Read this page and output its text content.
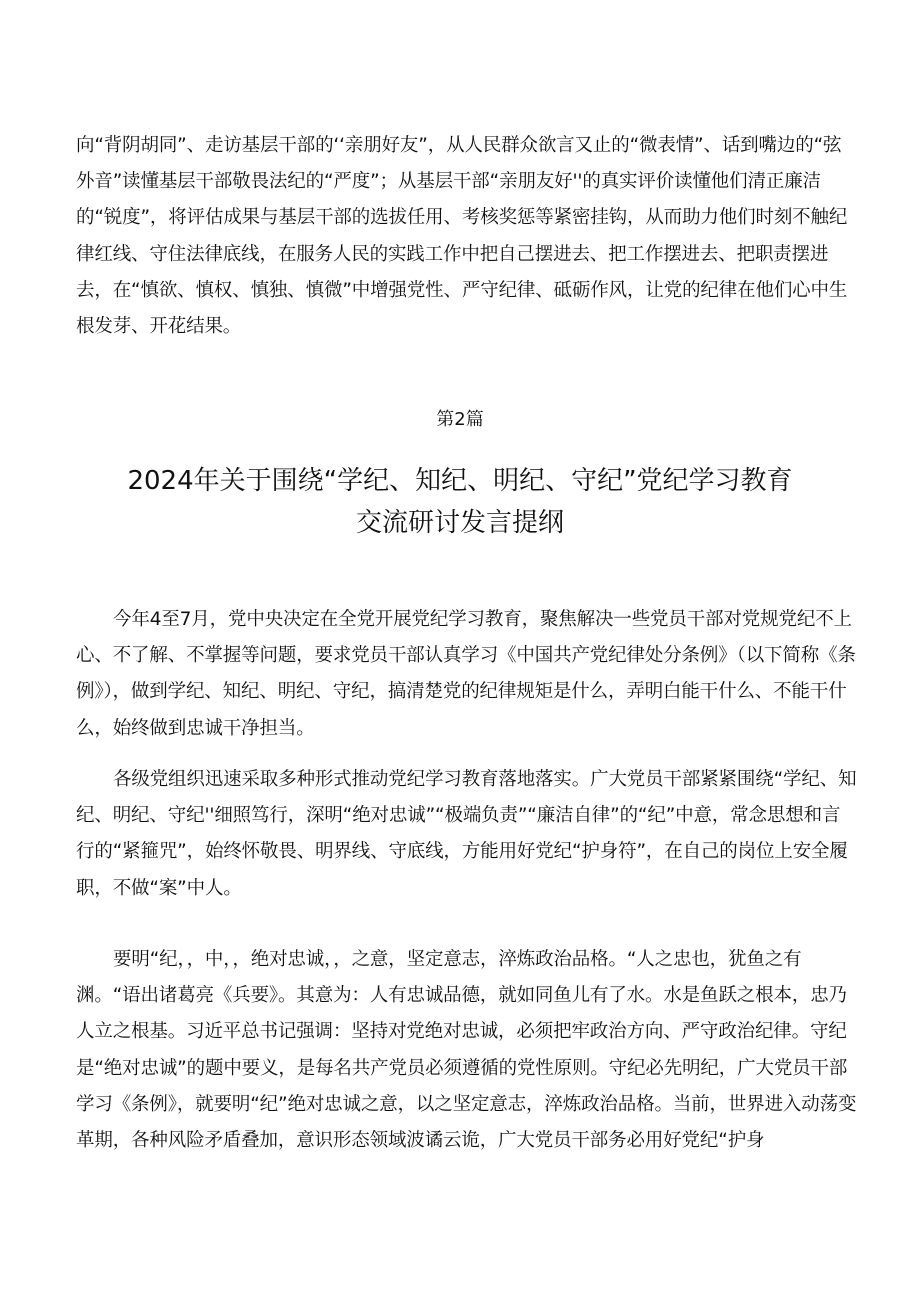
向“背阴胡同”、走访基层干部的‘‘亲朋好友”，从人民群众欲言又止的“微表情”、话到嘴边的“弦外音”读懂基层干部敬畏法纪的“严度”；从基层干部“亲朋友好''的真实评价读懂他们清正廉洁的“锐度”，将评估成果与基层干部的选拔任用、考核奖惩等紧密挂钩，从而助力他们时刻不触纪律红线、守住法律底线，在服务人民的实践工作中把自己摆进去、把工作摆进去、把职责摆进去，在“慎欲、慎权、慎独、慎微”中增强党性、严守纪律、砥砺作风，让党的纪律在他们心中生根发芽、开花结果。

第2篇

2024年关于围绕“学纪、知纪、明纪、守纪”党纪学习教育
交流研讨发言提纲

今年4至7月，党中央决定在全党开展党纪学习教育，聚焦解决一些党员干部对党规党纪不上心、不了解、不掌握等问题，要求党员干部认真学习《中国共产党纪律处分条例》（以下简称《条例》），做到学纪、知纪、明纪、守纪，搞清楚党的纪律规矩是什么，弄明白能干什么、不能干什么，始终做到忠诚干净担当。

各级党组织迅速采取多种形式推动党纪学习教育落地落实。广大党员干部紧紧围绕“学纪、知纪、明纪、守纪''细照笃行，深明“绝对忠诚”“极端负责”“廉洁自律”的“纪”中意，常念思想和言行的“紧箍咒”，始终怀敬畏、明界线、守底线，方能用好党纪“护身符”，在自己的岗位上安全履职，不做“案”中人。

要明“纪，，中，，绝对忠诚，，之意，坚定意志，淬炼政治品格。“人之忠也，犹鱼之有渊。“语出诸葛亮《兵要》。其意为：人有忠诚品德，就如同鱼儿有了水。水是鱼跃之根本，忠乃人立之根基。习近平总书记强调：坚持对党绝对忠诚，必须把牢政治方向、严守政治纪律。守纪是“绝对忠诚”的题中要义，是每名共产党员必须遵循的党性原则。守纪必先明纪，广大党员干部学习《条例》，就要明“纪”绝对忠诚之意，以之坚定意志，淬炼政治品格。当前，世界进入动荡变革期，各种风险矛盾叠加，意识形态领域波谲云诡，广大党员干部务必用好党纪“护身
